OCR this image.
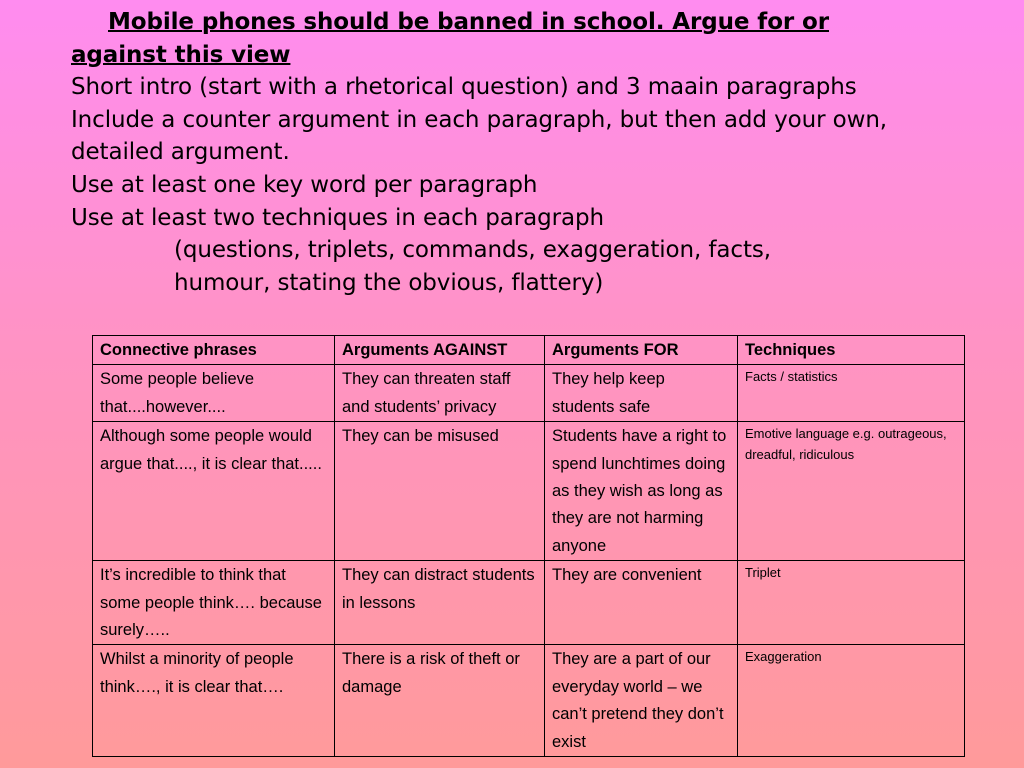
Mobile phones should be banned in school. Argue for or
against this view
Short intro (start with a rhetorical question) and 3 maain paragraphs
Include a counter argument in each paragraph, but then add your own,
detailed argument.
Use at least one key word per paragraph
Use at least two techniques in each paragraph
(questions, triplets, commands, exaggeration, facts,
humour, stating the obvious, flattery)
Connective phrases	Arguments AGAINST	Arguments FOR	Techniques
Some people believe that....however....	They can threaten staff and students’ privacy	They help keep students safe	Facts / statistics
Although some people would argue that...., it is clear that.....	They can be misused	Students have a right to spend lunchtimes doing as they wish as long as they are not harming anyone	Emotive language e.g. outrageous, dreadful, ridiculous
It’s incredible to think that some people think…. because surely…..	They can distract students in lessons	They are convenient	Triplet
Whilst a minority of people think…., it is clear that….	There is a risk of theft or damage	They are a part of our everyday world – we can’t pretend they don’t exist	Exaggeration
